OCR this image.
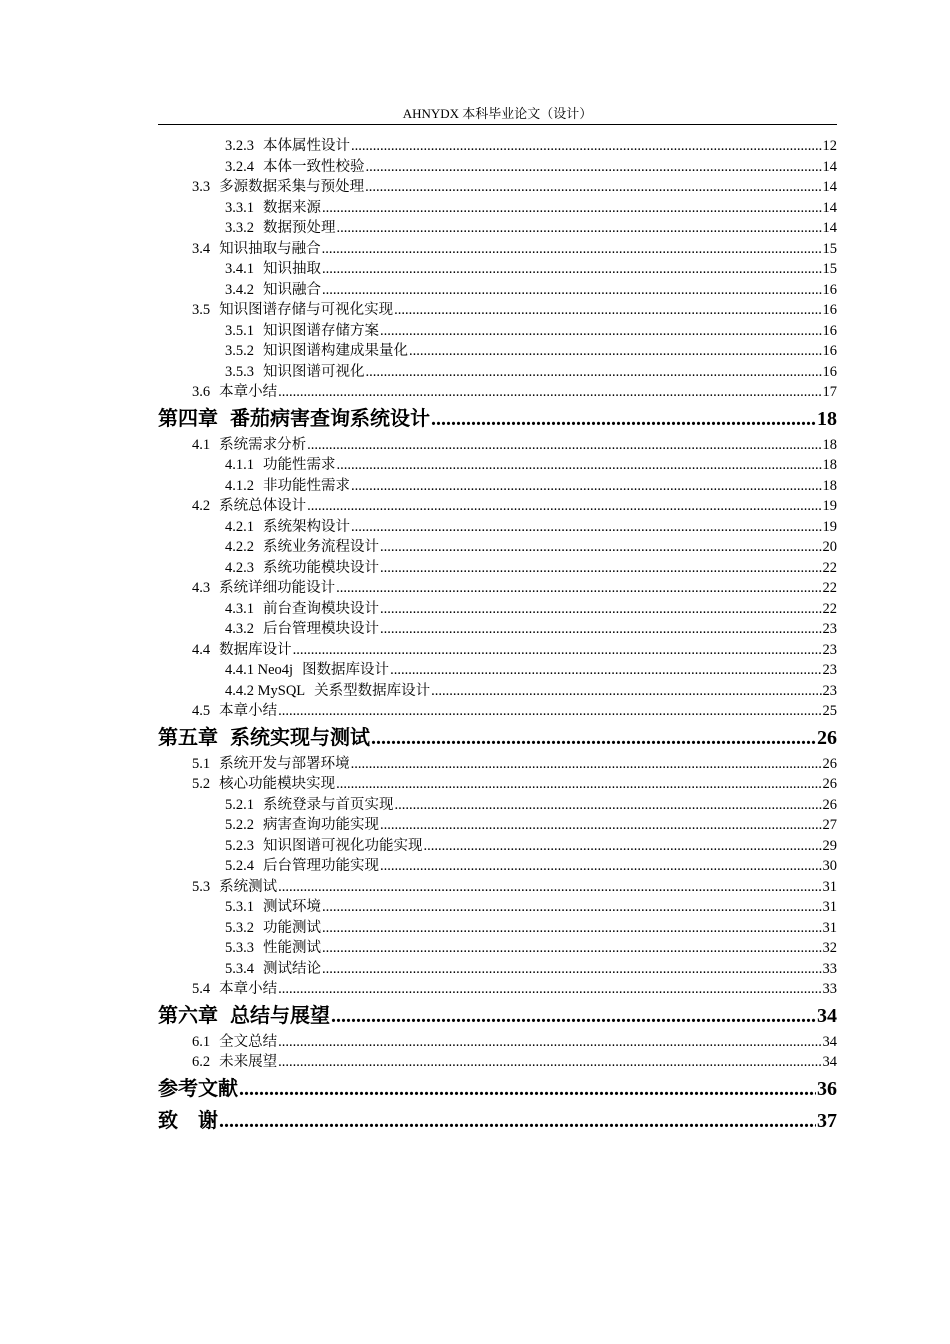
AHNYDX 本科毕业论文（设计）
3.2.3 本体属性设计 .....	12
3.2.4 本体一致性校验 .....	14
3.3 多源数据采集与预处理 .....	14
3.3.1 数据来源 .....	14
3.3.2 数据预处理 .....	14
3.4 知识抽取与融合 .....	15
3.4.1 知识抽取 .....	15
3.4.2 知识融合 .....	16
3.5 知识图谱存储与可视化实现 .....	16
3.5.1 知识图谱存储方案 .....	16
3.5.2 知识图谱构建成果量化 .....	16
3.5.3 知识图谱可视化 .....	16
3.6 本章小结 .....	17
第四章 番茄病害查询系统设计 .....	18
4.1 系统需求分析 .....	18
4.1.1 功能性需求 .....	18
4.1.2 非功能性需求 .....	18
4.2 系统总体设计 .....	19
4.2.1 系统架构设计 .....	19
4.2.2 系统业务流程设计 .....	20
4.2.3 系统功能模块设计 .....	22
4.3 系统详细功能设计 .....	22
4.3.1 前台查询模块设计 .....	22
4.3.2 后台管理模块设计 .....	23
4.4 数据库设计 .....	23
4.4.1 Neo4j 图数据库设计 .....	23
4.4.2 MySQL 关系型数据库设计 .....	23
4.5 本章小结 .....	25
第五章 系统实现与测试 .....	26
5.1 系统开发与部署环境 .....	26
5.2 核心功能模块实现 .....	26
5.2.1 系统登录与首页实现 .....	26
5.2.2 病害查询功能实现 .....	27
5.2.3 知识图谱可视化功能实现 .....	29
5.2.4 后台管理功能实现 .....	30
5.3 系统测试 .....	31
5.3.1 测试环境 .....	31
5.3.2 功能测试 .....	31
5.3.3 性能测试 .....	32
5.3.4 测试结论 .....	33
5.4 本章小结 .....	33
第六章 总结与展望 .....	34
6.1 全文总结 .....	34
6.2 未来展望 .....	34
参考文献 .....	36
致　谢 .....	37
